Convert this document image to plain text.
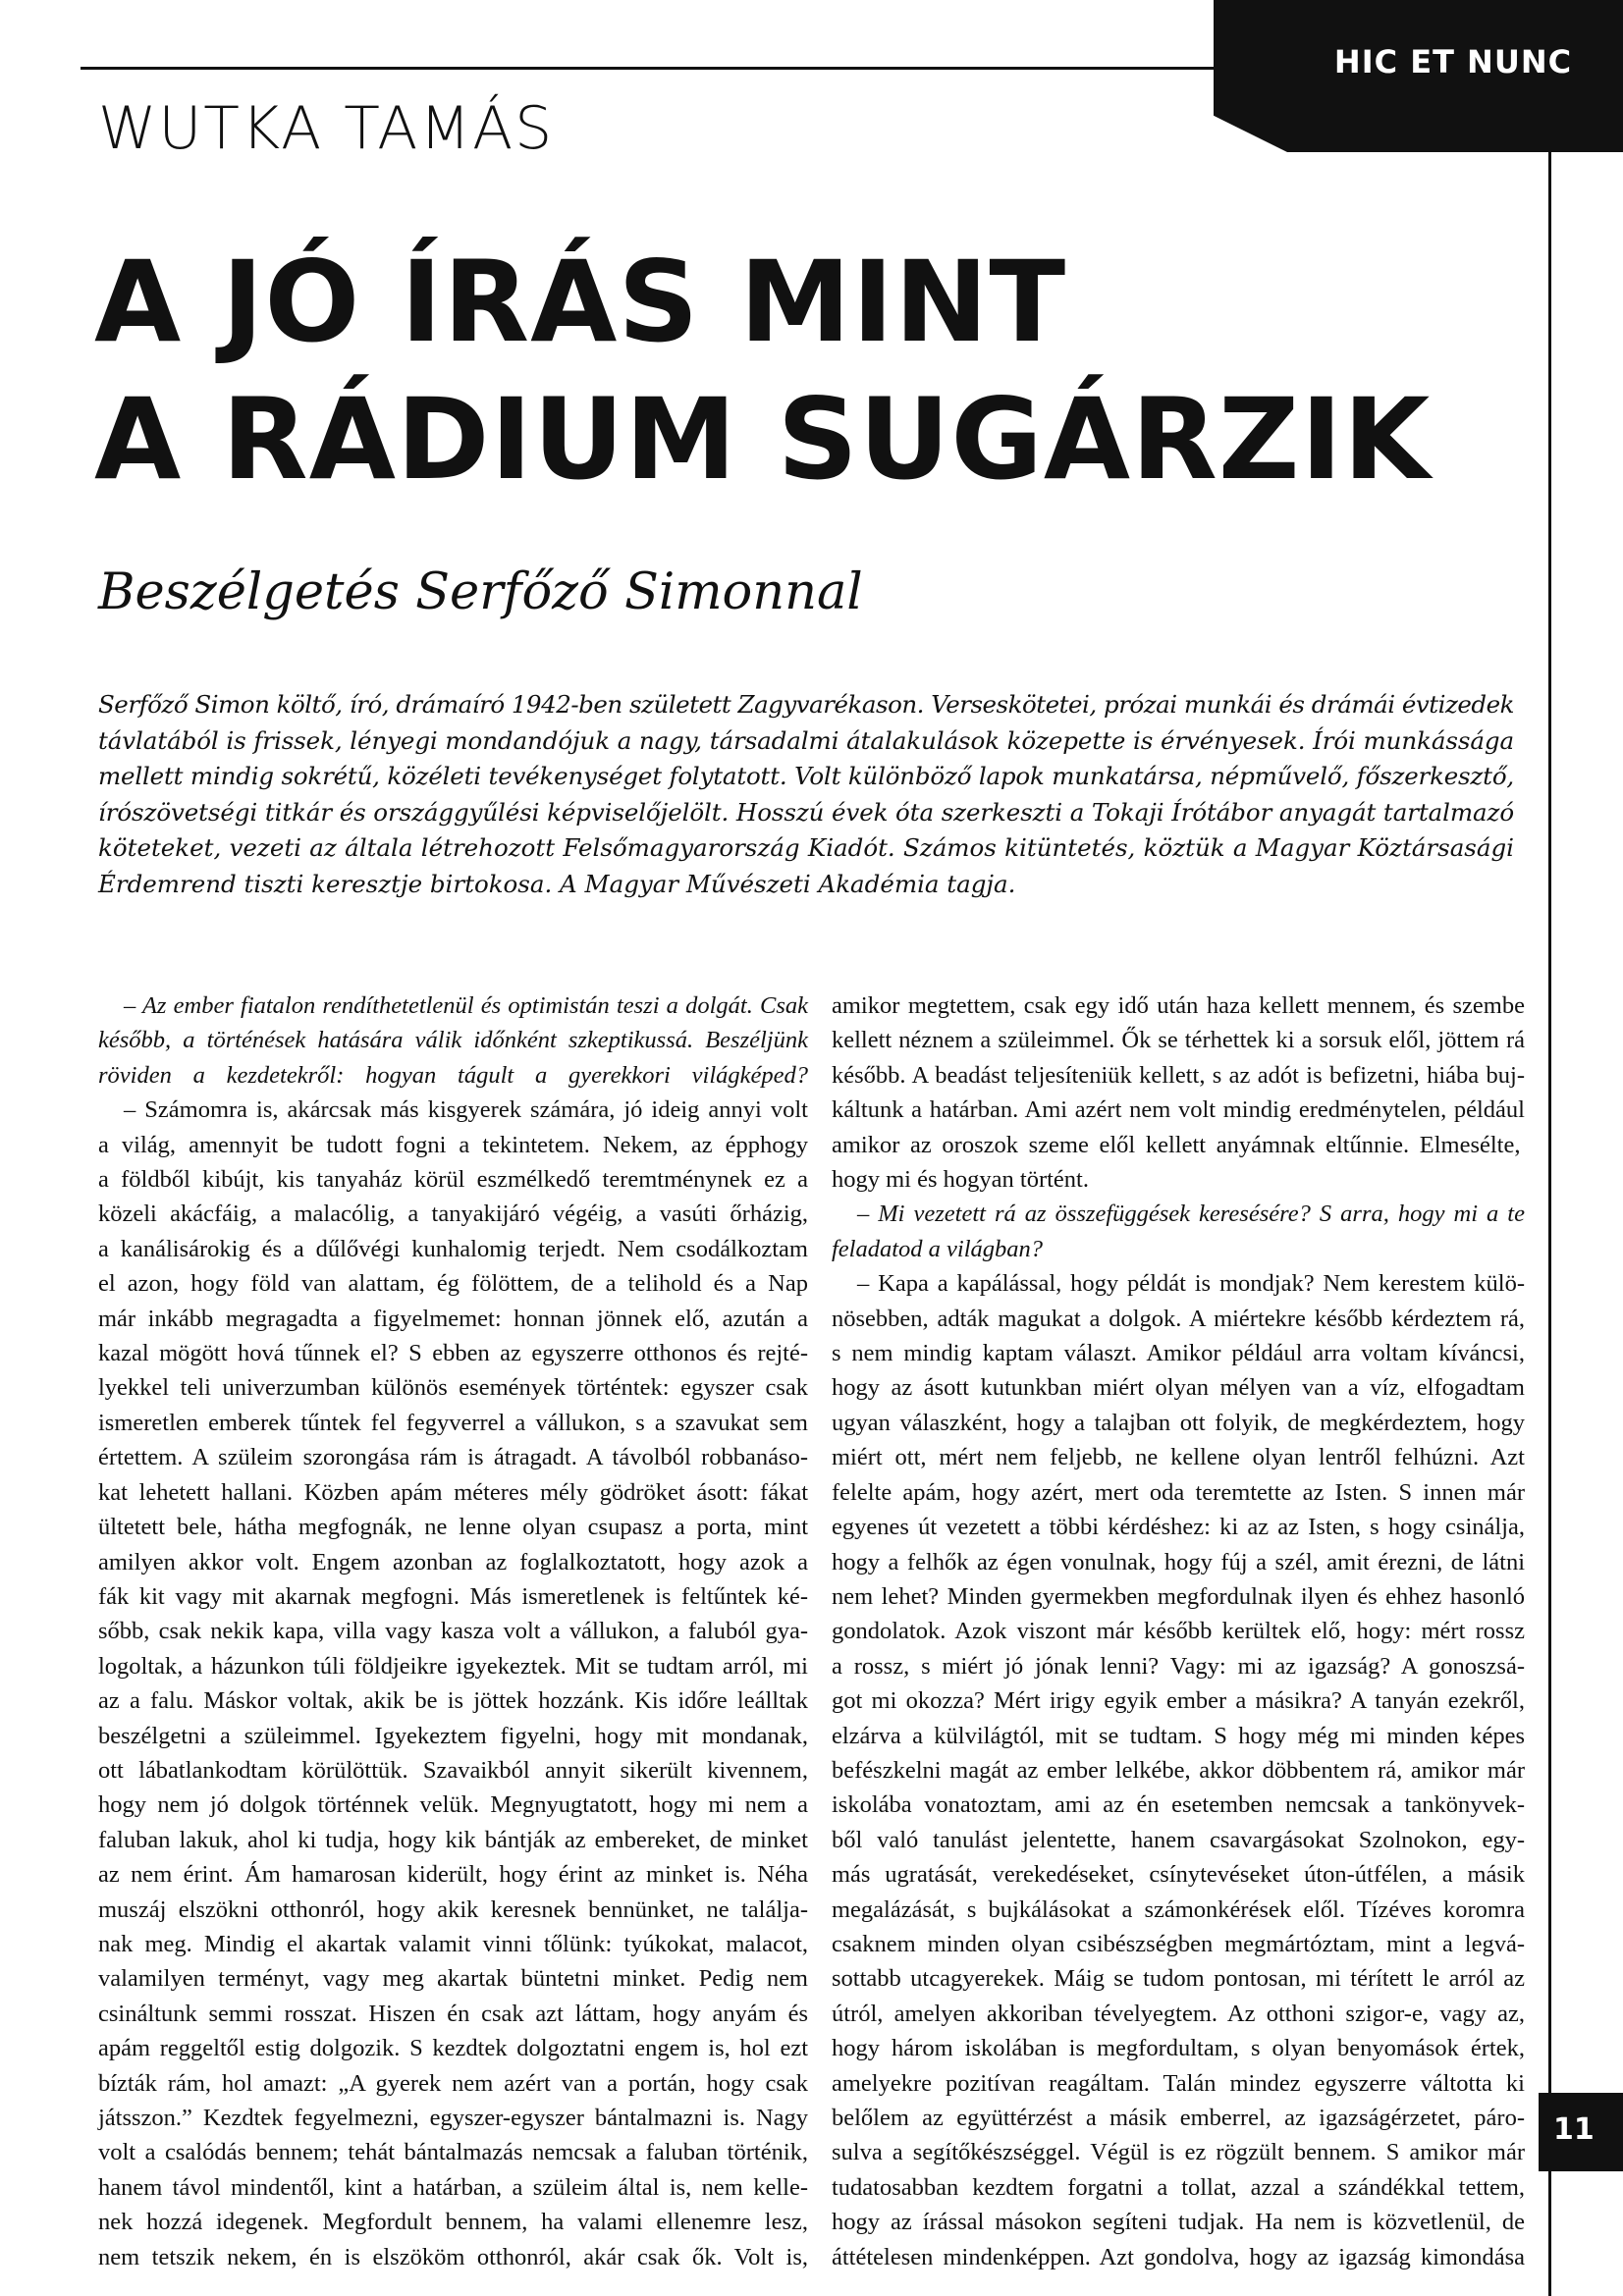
HIC ET NUNC
WUTKA TAMÁS
A JÓ ÍRÁS MINT
A RÁDIUM SUGÁRZIK
Beszélgetés Serfőző Simonnal

Serfőző Simon költő, író, drámaíró 1942-ben született Zagyvarékason. Verseskötetei, prózai munkái és drámái évtizedek
távlatából is frissek, lényegi mondandójuk a nagy, társadalmi átalakulások közepette is érvényesek. Írói munkássága
mellett mindig sokrétű, közéleti tevékenységet folytatott. Volt különböző lapok munkatársa, népművelő, főszerkesztő,
írószövetségi titkár és országgyűlési képviselőjelölt. Hosszú évek óta szerkeszti a Tokaji Írótábor anyagát tartalmazó
köteteket, vezeti az általa létrehozott Felsőmagyarország Kiadót. Számos kitüntetés, köztük a Magyar Köztársasági
Érdemrend tiszti keresztje birtokosa. A Magyar Művészeti Akadémia tagja.

– Az ember fiatalon rendíthetetlenül és optimistán teszi a dolgát. Csak
később, a történések hatására válik időnként szkeptikussá. Beszéljünk
röviden a kezdetekről: hogyan tágult a gyerekkori világképed?
– Számomra is, akárcsak más kisgyerek számára, jó ideig annyi volt
a világ, amennyit be tudott fogni a tekintetem. Nekem, az épphogy
a földből kibújt, kis tanyaház körül eszmélkedő teremtménynek ez a
közeli akácfáig, a malacólig, a tanyakijáró végéig, a vasúti őrházig,
a kanálisárokig és a dűlővégi kunhalomig terjedt. Nem csodálkoztam
el azon, hogy föld van alattam, ég fölöttem, de a telihold és a Nap
már inkább megragadta a figyelmemet: honnan jönnek elő, azután a
kazal mögött hová tűnnek el? S ebben az egyszerre otthonos és rejté-
lyekkel teli univerzumban különös események történtek: egyszer csak
ismeretlen emberek tűntek fel fegyverrel a vállukon, s a szavukat sem
értettem. A szüleim szorongása rám is átragadt. A távolból robbanáso-
kat lehetett hallani. Közben apám méteres mély gödröket ásott: fákat
ültetett bele, hátha megfognák, ne lenne olyan csupasz a porta, mint
amilyen akkor volt. Engem azonban az foglalkoztatott, hogy azok a
fák kit vagy mit akarnak megfogni. Más ismeretlenek is feltűntek ké-
sőbb, csak nekik kapa, villa vagy kasza volt a vállukon, a faluból gya-
logoltak, a házunkon túli földjeikre igyekeztek. Mit se tudtam arról, mi
az a falu. Máskor voltak, akik be is jöttek hozzánk. Kis időre leálltak
beszélgetni a szüleimmel. Igyekeztem figyelni, hogy mit mondanak,
ott lábatlankodtam körülöttük. Szavaikból annyit sikerült kivennem,
hogy nem jó dolgok történnek velük. Megnyugtatott, hogy mi nem a
faluban lakuk, ahol ki tudja, hogy kik bántják az embereket, de minket
az nem érint. Ám hamarosan kiderült, hogy érint az minket is. Néha
muszáj elszökni otthonról, hogy akik keresnek bennünket, ne találja-
nak meg. Mindig el akartak valamit vinni tőlünk: tyúkokat, malacot,
valamilyen terményt, vagy meg akartak büntetni minket. Pedig nem
csináltunk semmi rosszat. Hiszen én csak azt láttam, hogy anyám és
apám reggeltől estig dolgozik. S kezdtek dolgoztatni engem is, hol ezt
bízták rám, hol amazt: „A gyerek nem azért van a portán, hogy csak
játsszon.” Kezdtek fegyelmezni, egyszer-egyszer bántalmazni is. Nagy
volt a csalódás bennem; tehát bántalmazás nemcsak a faluban történik,
hanem távol mindentől, kint a határban, a szüleim által is, nem kelle-
nek hozzá idegenek. Megfordult bennem, ha valami ellenemre lesz,
nem tetszik nekem, én is elszököm otthonról, akár csak ők. Volt is,
amikor megtettem, csak egy idő után haza kellett mennem, és szembe
kellett néznem a szüleimmel. Ők se térhettek ki a sorsuk elől, jöttem rá
később. A beadást teljesíteniük kellett, s az adót is befizetni, hiába buj-
káltunk a határban. Ami azért nem volt mindig eredménytelen, például
amikor az oroszok szeme elől kellett anyámnak eltűnnie. Elmesélte,
hogy mi és hogyan történt.
– Mi vezetett rá az összefüggések keresésére? S arra, hogy mi a te
feladatod a világban?
– Kapa a kapálással, hogy példát is mondjak? Nem kerestem külö-
nösebben, adták magukat a dolgok. A miértekre később kérdeztem rá,
s nem mindig kaptam választ. Amikor például arra voltam kíváncsi,
hogy az ásott kutunkban miért olyan mélyen van a víz, elfogadtam
ugyan válaszként, hogy a talajban ott folyik, de megkérdeztem, hogy
miért ott, mért nem feljebb, ne kellene olyan lentről felhúzni. Azt
felelte apám, hogy azért, mert oda teremtette az Isten. S innen már
egyenes út vezetett a többi kérdéshez: ki az az Isten, s hogy csinálja,
hogy a felhők az égen vonulnak, hogy fúj a szél, amit érezni, de látni
nem lehet? Minden gyermekben megfordulnak ilyen és ehhez hasonló
gondolatok. Azok viszont már később kerültek elő, hogy: mért rossz
a rossz, s miért jó jónak lenni? Vagy: mi az igazság? A gonoszsá-
got mi okozza? Mért irigy egyik ember a másikra? A tanyán ezekről,
elzárva a külvilágtól, mit se tudtam. S hogy még mi minden képes
befészkelni magát az ember lelkébe, akkor döbbentem rá, amikor már
iskolába vonatoztam, ami az én esetemben nemcsak a tankönyvek-
ből való tanulást jelentette, hanem csavargásokat Szolnokon, egy-
más ugratását, verekedéseket, csínytevéseket úton-útfélen, a másik
megalázását, s bujkálásokat a számonkérések elől. Tízéves koromra
csaknem minden olyan csibészségben megmártóztam, mint a legvá-
sottabb utcagyerekek. Máig se tudom pontosan, mi térített le arról az
útról, amelyen akkoriban tévelyegtem. Az otthoni szigor-e, vagy az,
hogy három iskolában is megfordultam, s olyan benyomások értek,
amelyekre pozitívan reagáltam. Talán mindez egyszerre váltotta ki
belőlem az együttérzést a másik emberrel, az igazságérzetet, páro-
sulva a segítőkészséggel. Végül is ez rögzült bennem. S amikor már
tudatosabban kezdtem forgatni a tollat, azzal a szándékkal tettem,
hogy az írással másokon segíteni tudjak. Ha nem is közvetlenül, de
áttételesen mindenképpen. Azt gondolva, hogy az igazság kimondása
11
